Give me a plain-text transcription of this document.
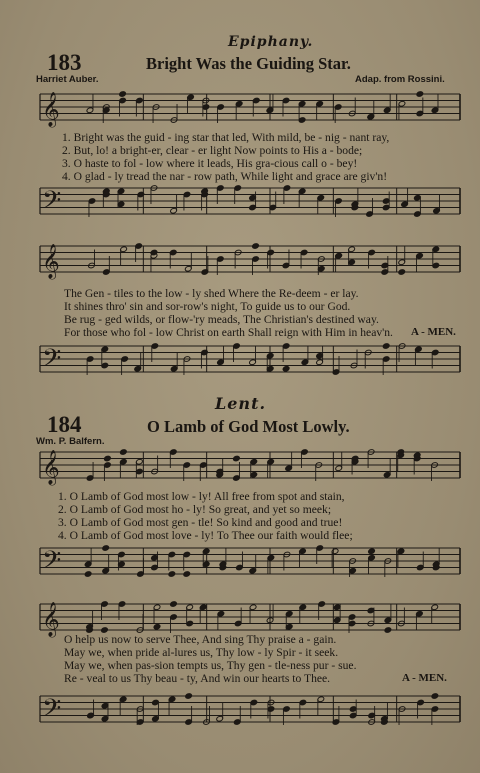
Epiphany.
183	Bright Was the Guiding Star.
Harriet Auber.	Adap. from Rossini.
𝄞
𝄢
𝄞
𝄢
𝄞
𝄢
𝄞
𝄢
1. Bright was the guid - ing star that led, With mild, be - nig - nant ray,
2. But, lo! a bright-er, clear - er light Now points to His a - bode;
3. O haste to fol - low where it leads, His gra-cious call o - bey!
4. O glad - ly tread the nar - row path, While light and grace are giv'n!
The Gen - tiles to the low - ly shed Where the Re-deem - er lay.
It shines thro' sin and sor-row's night, To guide us to our God.
Be rug - ged wilds, or flow-'ry meads, The Christian's destined way.
For those who fol - low Christ on earth Shall reign with Him in heav'n. A - MEN.
Lent.
184	O Lamb of God Most Lowly.
Wm. P. Balfern.
1. O Lamb of God most low - ly! All free from spot and stain,
2. O Lamb of God most ho - ly! So great, and yet so meek;
3. O Lamb of God most gen - tle! So kind and good and true!
4. O Lamb of God most love - ly! To Thee our faith would flee;
O help us now to serve Thee, And sing Thy praise a - gain.
May we, when pride al-lures us, Thy low - ly Spir - it seek.
May we, when pas-sion tempts us, Thy gen - tle-ness pur - sue.
Re - veal to us Thy beau - ty, And win our hearts to Thee.	A - MEN.
